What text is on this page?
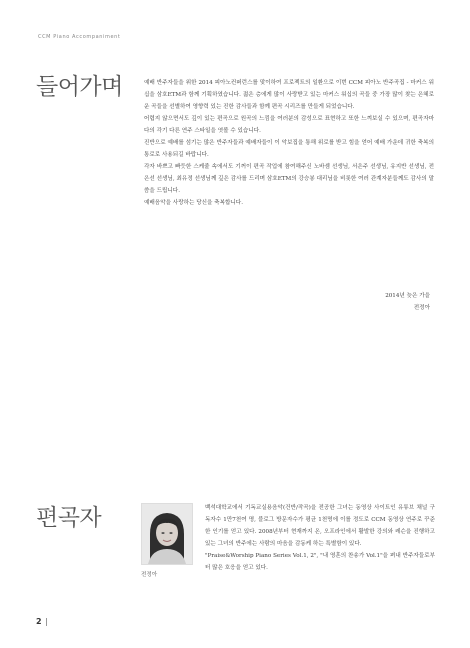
CCM Piano Accompaniment
들어가며	예배 반주자들을 위한 2014 피아노컨퍼런스를 맞이하여 프로젝트의 일환으로 이번 CCM 피아노 반주곡집 - 마커스 워십을 삼호ETM과 함께 기획하였습니다. 젊은 층에게 많이 사랑받고 있는 마커스 워십의 곡들 중 가장 많이 찾는 은혜로운 곡들을 선별하여 영향력 있는 진한 감사들과 함께 편곡 시리즈를 만들게 되었습니다.

어렵지 않으면서도 깊이 있는 편곡으로 원곡의 느낌을 여러분의 감성으로 표현하고 또한 느껴보실 수 있으며, 편곡자마다의 각기 다른 연주 스타일을 엿볼 수 있습니다.

진반으로 예배를 섬기는 많은 반주자들과 예배자들이 이 악보집을 통해 위로를 받고 힘을 얻어 예배 가운데 귀한 축복의 통로로 사용되길 바랍니다.

각자 바쁘고 빠듯한 스케줄 속에서도 기꺼이 편곡 작업에 참여해주신 노바셈 선생님, 서은주 선생님, 유지반 선생님, 전은선 선생님, 최유정 선생님께 깊은 감사를 드리며 삼호ETM의 강승봉 대리님을 비롯한 여러 관계자분들께도 감사의 말씀을 드립니다.

예배음악을 사랑하는 당신을 축복합니다.

2014년 늦은 가을
전정아
편곡자
전정아

백석대학교에서 기독교실용음악(건반/작곡)을 전공한 그녀는 동영상 사이트인 유튜브 채널 구독자수 1만7천여 명, 블로그 방문자수가 평균 1천명에 이를 정도로 CCM 동영상 연주로 꾸준한 인기를 얻고 있다. 2008년부터 현재까지 온, 오프라인에서 활발한 강의와 레슨을 진행하고 있는 그녀의 반주에는 사람의 마음을 감동케 하는 특별함이 있다.

"Praise&Worship Piano Series Vol.1, 2", "내 영혼의 찬송가 Vol.1"을 펴내 반주자들로부터 많은 호응을 얻고 있다.

2
